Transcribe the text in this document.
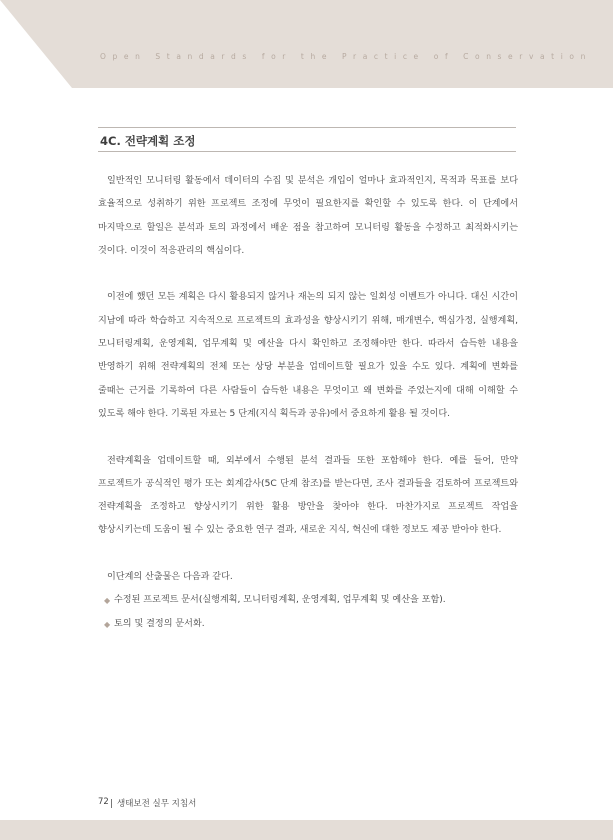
Open Standards for the Practice of Conservation
4C. 전략계획 조정

일반적인 모니터링 활동에서 데이터의 수집 및 분석은 개입이 얼마나 효과적인지, 목적과 목표를 보다 효율적으로 성취하기 위한 프로젝트 조정에 무엇이 필요한지를 확인할 수 있도록 한다. 이 단계에서 마지막으로 할일은 분석과 토의 과정에서 배운 점을 참고하여 모니터링 활동을 수정하고 최적화시키는 것이다. 이것이 적응관리의 핵심이다.

이전에 했던 모든 계획은 다시 활용되지 않거나 재논의 되지 않는 일회성 이벤트가 아니다. 대신 시간이 지남에 따라 학습하고 지속적으로 프로젝트의 효과성을 향상시키기 위해, 매개변수, 핵심가정, 실행계획, 모니터링계획, 운영계획, 업무계획 및 예산을 다시 확인하고 조정해야만 한다. 따라서 습득한 내용을 반영하기 위해 전략계획의 전체 또는 상당 부분을 업데이트할 필요가 있을 수도 있다. 계획에 변화를 줄때는 근거를 기록하여 다른 사람들이 습득한 내용은 무엇이고 왜 변화를 주었는지에 대해 이해할 수 있도록 해야 한다. 기록된 자료는 5 단계(지식 획득과 공유)에서 중요하게 활용 될 것이다.

전략계획을 업데이트할 때, 외부에서 수행된 분석 결과들 또한 포함해야 한다. 예를 들어, 만약 프로젝트가 공식적인 평가 또는 회계감사(5C 단계 참조)를 받는다면, 조사 결과들을 검토하여 프로젝트와 전략계획을 조정하고 향상시키기 위한 활용 방안을 찾아야 한다. 마찬가지로 프로젝트 작업을 향상시키는데 도움이 될 수 있는 중요한 연구 결과, 새로운 지식, 혁신에 대한 정보도 제공 받아야 한다.

이단계의 산출물은 다음과 같다.

◆ 수정된 프로젝트 문서(실행계획, 모니터링계획, 운영계획, 업무계획 및 예산을 포함).
◆ 토의 및 결정의 문서화.
72 생태보전 실무 지침서
